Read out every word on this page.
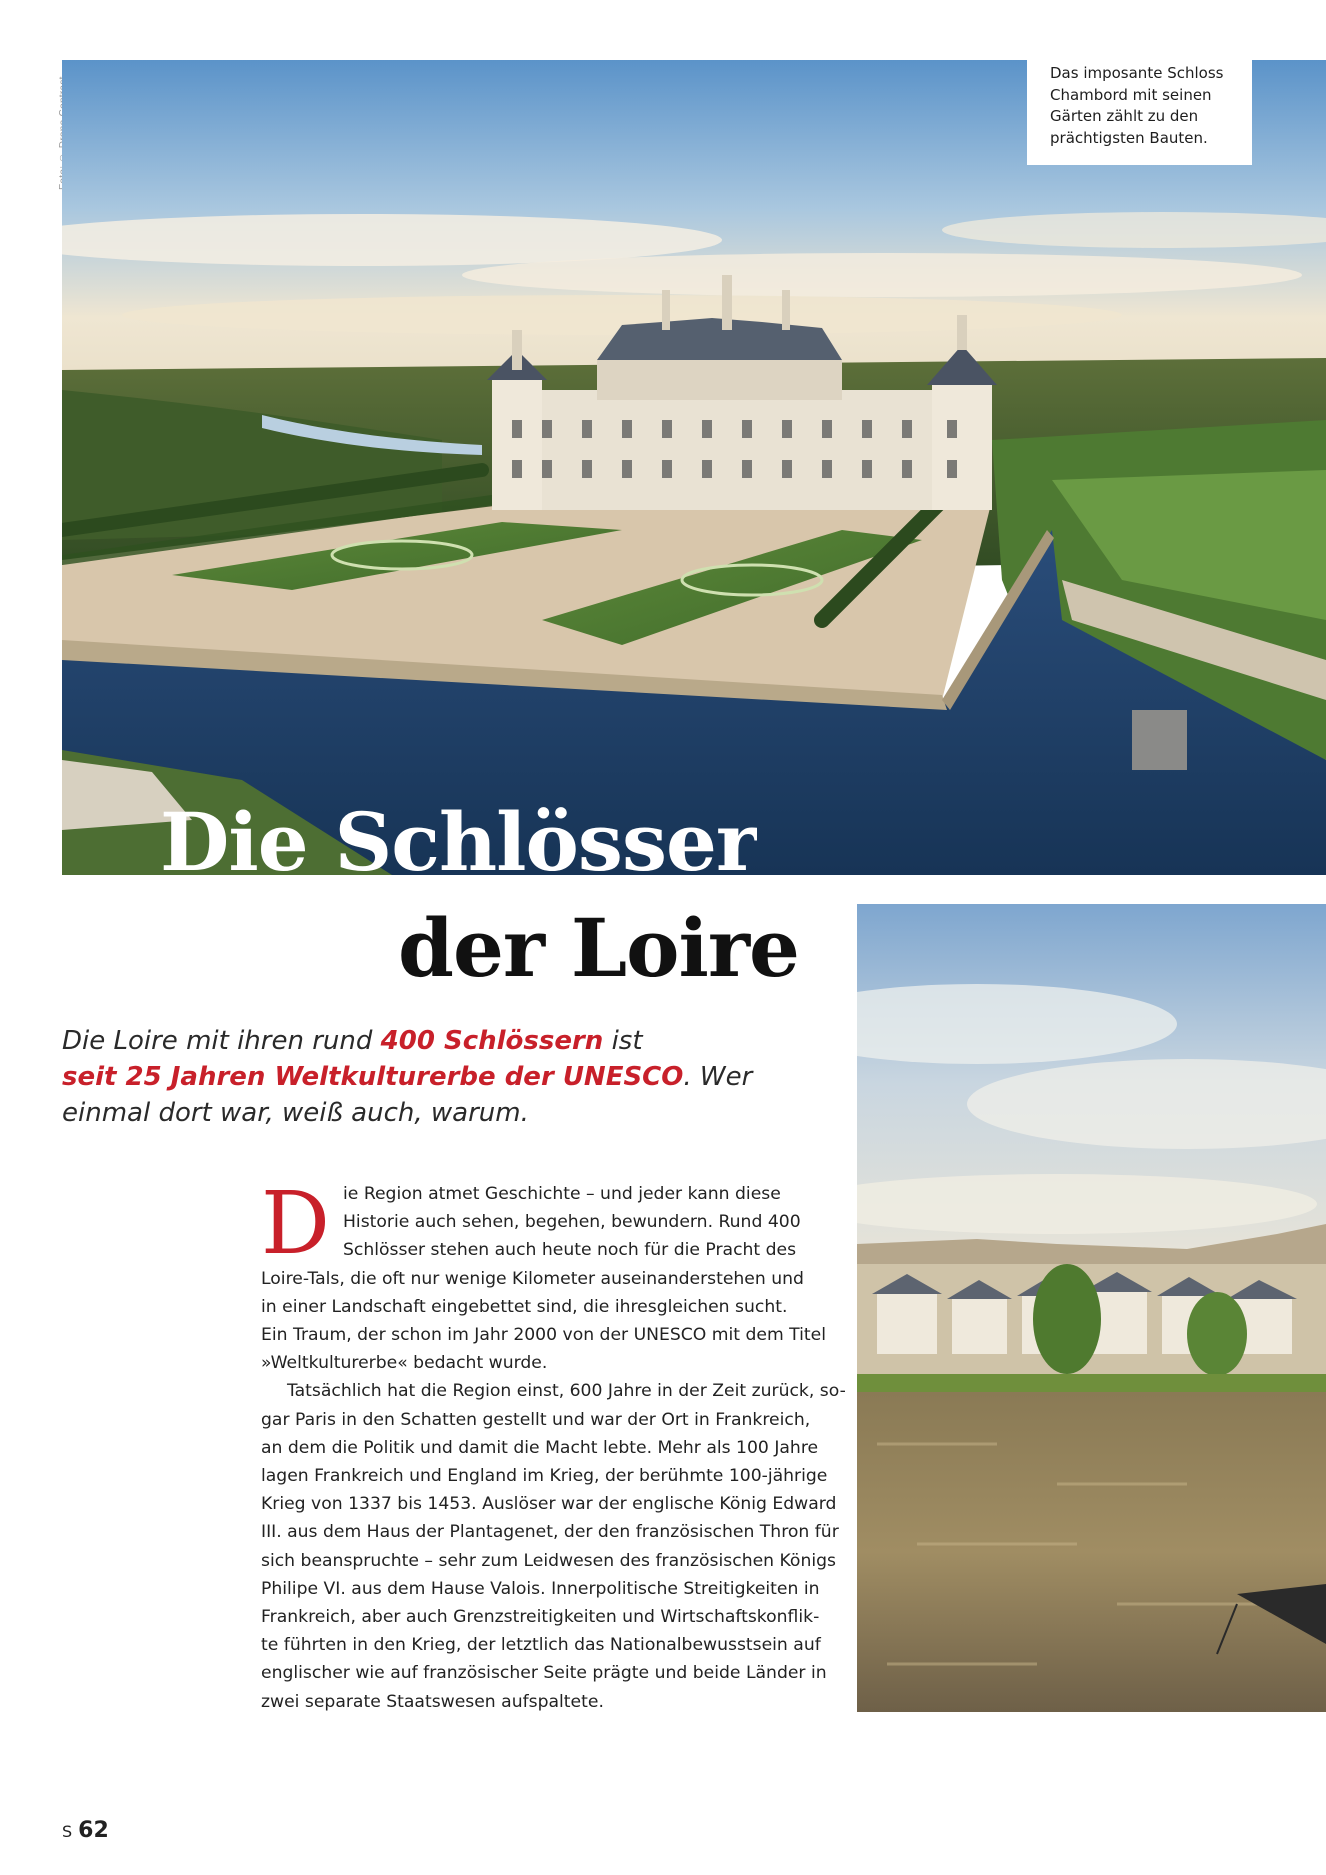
Das imposante Schloss
Chambord mit seinen
Gärten zählt zu den
prächtigsten Bauten.
Die Schlösser
der Loire
Die Loire mit ihren rund 400 Schlössern ist
seit 25 Jahren Weltkulturerbe der UNESCO. Wer
einmal dort war, weiß auch, warum.
D ie Region atmet Geschichte – und jeder kann diese
Historie auch sehen, begehen, bewundern. Rund 400
Schlösser stehen auch heute noch für die Pracht des
Loire-Tals, die oft nur wenige Kilometer auseinanderstehen und
in einer Landschaft eingebettet sind, die ihresgleichen sucht.
Ein Traum, der schon im Jahr 2000 von der UNESCO mit dem Titel
»Weltkulturerbe« bedacht wurde.
Tatsächlich hat die Region einst, 600 Jahre in der Zeit zurück, so-
gar Paris in den Schatten gestellt und war der Ort in Frankreich,
an dem die Politik und damit die Macht lebte. Mehr als 100 Jahre
lagen Frankreich und England im Krieg, der berühmte 100-jährige
Krieg von 1337 bis 1453. Auslöser war der englische König Edward
III. aus dem Haus der Plantagenet, der den französischen Thron für
sich beanspruchte – sehr zum Leidwesen des französischen Königs
Philipe VI. aus dem Hause Valois. Innerpolitische Streitigkeiten in
Frankreich, aber auch Grenzstreitigkeiten und Wirtschaftskonflik-
te führten in den Krieg, der letztlich das Nationalbewusstsein auf
englischer wie auf französischer Seite prägte und beide Länder in
zwei separate Staatswesen aufspaltete.
S 62
